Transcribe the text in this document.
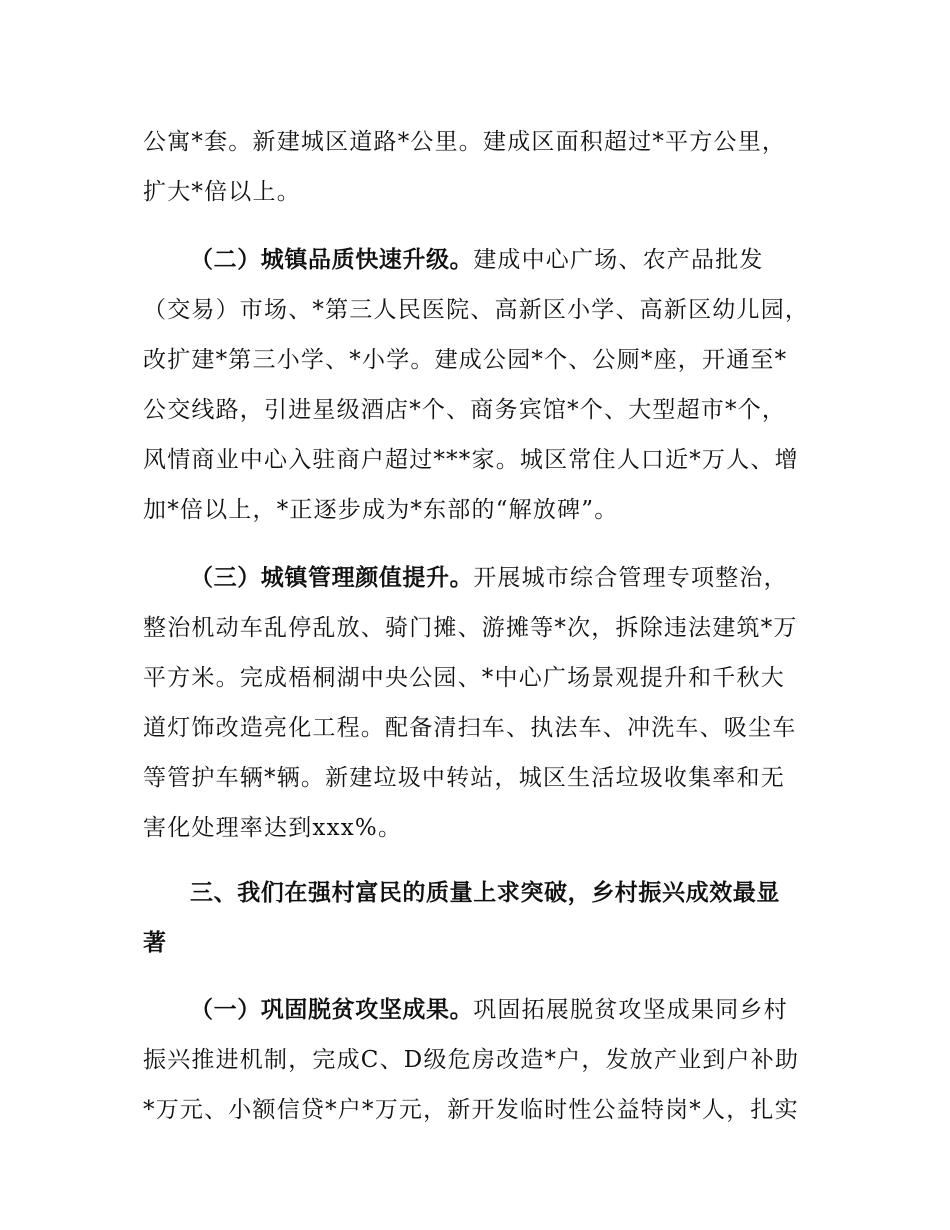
公寓*套。新建城区道路*公里。建成区面积超过*平方公里，
扩大*倍以上。
（二）城镇品质快速升级。建成中心广场、农产品批发
（交易）市场、*第三人民医院、高新区小学、高新区幼儿园，
改扩建*第三小学、*小学。建成公园*个、公厕*座，开通至*
公交线路，引进星级酒店*个、商务宾馆*个、大型超市*个，
风情商业中心入驻商户超过***家。城区常住人口近*万人、增
加*倍以上，*正逐步成为*东部的“解放碑”。
（三）城镇管理颜值提升。开展城市综合管理专项整治，
整治机动车乱停乱放、骑门摊、游摊等*次，拆除违法建筑*万
平方米。完成梧桐湖中央公园、*中心广场景观提升和千秋大
道灯饰改造亮化工程。配备清扫车、执法车、冲洗车、吸尘车
等管护车辆*辆。新建垃圾中转站，城区生活垃圾收集率和无
害化处理率达到xxx%。
三、我们在强村富民的质量上求突破，乡村振兴成效最显
著
（一）巩固脱贫攻坚成果。巩固拓展脱贫攻坚成果同乡村
振兴推进机制，完成C、D级危房改造*户，发放产业到户补助
*万元、小额信贷*户*万元，新开发临时性公益特岗*人，扎实
